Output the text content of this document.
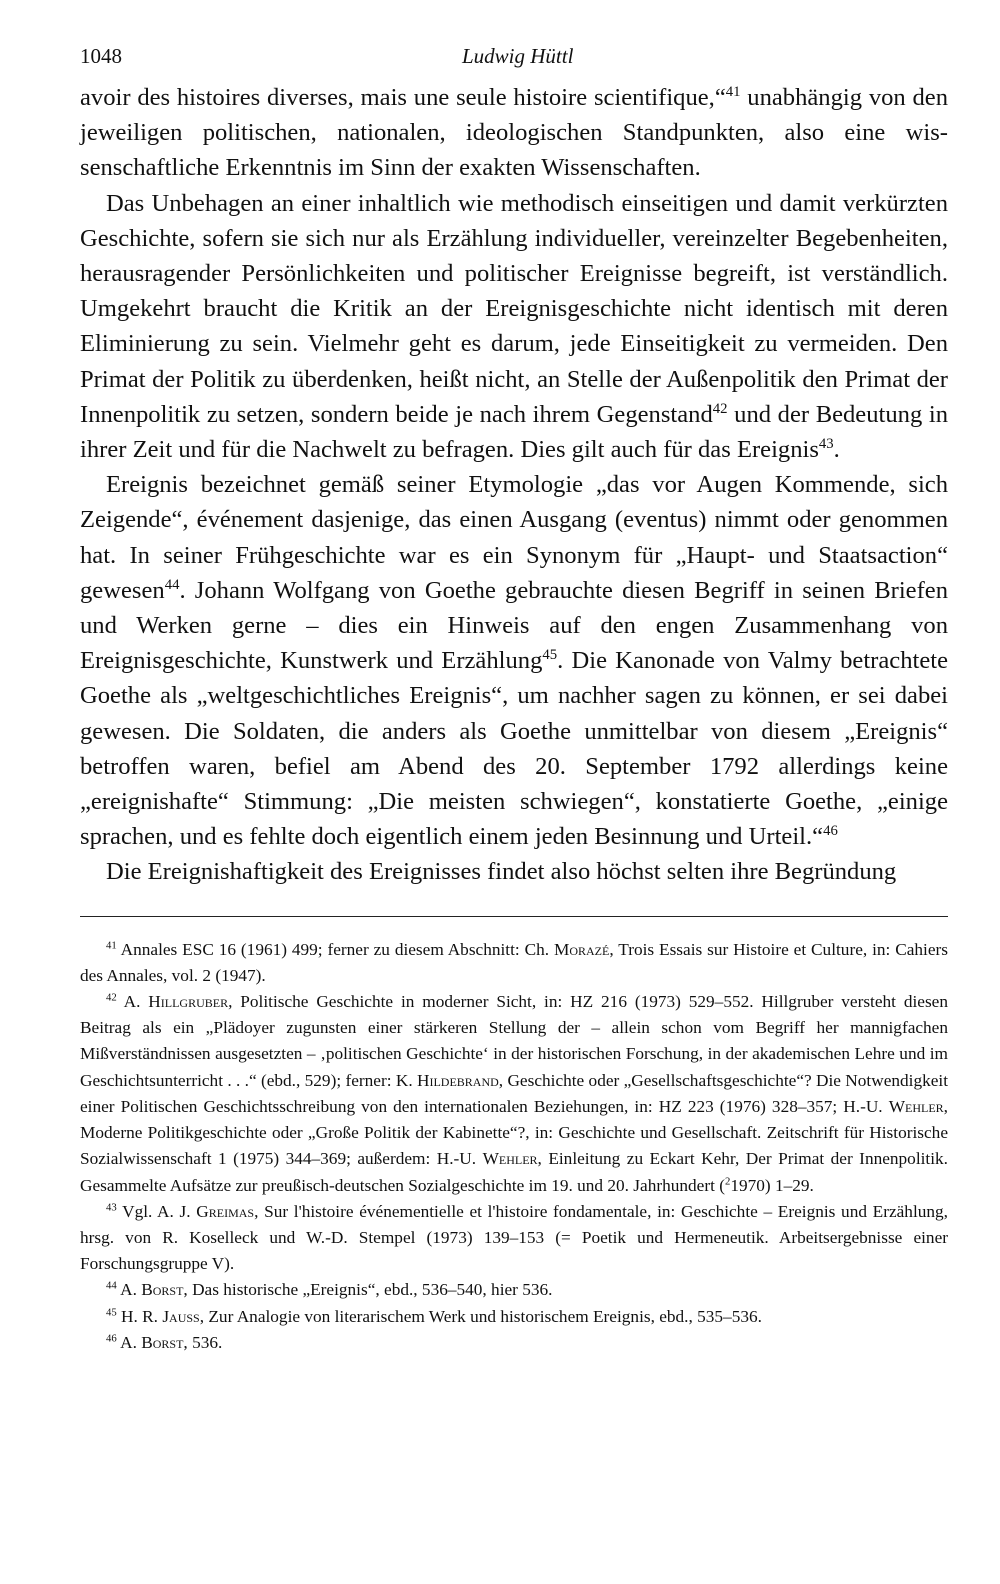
1048	Ludwig Hüttl

avoir des histoires diverses, mais une seule histoire scientifique,“$^{41}$ unabhängig von den jeweiligen politischen, nationalen, ideologischen Standpunkten, also eine wissenschaftliche Erkenntnis im Sinn der exakten Wissenschaften.

Das Unbehagen an einer inhaltlich wie methodisch einseitigen und damit verkürzten Geschichte, sofern sie sich nur als Erzählung individueller, vereinzelter Begebenheiten, herausragender Persönlichkeiten und politischer Ereignisse begreift, ist verständlich. Umgekehrt braucht die Kritik an der Ereignisgeschichte nicht identisch mit deren Eliminierung zu sein. Vielmehr geht es darum, jede Einseitigkeit zu vermeiden. Den Primat der Politik zu überdenken, heißt nicht, an Stelle der Außenpolitik den Primat der Innenpolitik zu setzen, sondern beide je nach ihrem Gegenstand$^{42}$ und der Bedeutung in ihrer Zeit und für die Nachwelt zu befragen. Dies gilt auch für das Ereignis$^{43}$.

Ereignis bezeichnet gemäß seiner Etymologie „das vor Augen Kommende, sich Zeigende“, événement dasjenige, das einen Ausgang (eventus) nimmt oder genommen hat. In seiner Frühgeschichte war es ein Synonym für „Haupt- und Staatsaction“ gewesen$^{44}$. Johann Wolfgang von Goethe gebrauchte diesen Begriff in seinen Briefen und Werken gerne – dies ein Hinweis auf den engen Zusammenhang von Ereignisgeschichte, Kunstwerk und Erzählung$^{45}$. Die Kanonade von Valmy betrachtete Goethe als „weltgeschichtliches Ereignis“, um nachher sagen zu können, er sei dabei gewesen. Die Soldaten, die anders als Goethe unmittelbar von diesem „Ereignis“ betroffen waren, befiel am Abend des 20. September 1792 allerdings keine „ereignishafte“ Stimmung: „Die meisten schwiegen“, konstatierte Goethe, „einige sprachen, und es fehlte doch eigentlich einem jeden Besinnung und Urteil.“$^{46}$

Die Ereignishaftigkeit des Ereignisses findet also höchst selten ihre Begründung

$^{41}$ Annales ESC 16 (1961) 499; ferner zu diesem Abschnitt: Ch. Morazé, Trois Essais sur Histoire et Culture, in: Cahiers des Annales, vol. 2 (1947).

$^{42}$ A. Hillgruber, Politische Geschichte in moderner Sicht, in: HZ 216 (1973) 529–552. Hillgruber versteht diesen Beitrag als ein „Plädoyer zugunsten einer stärkeren Stellung der – allein schon vom Begriff her mannigfachen Mißverständnissen ausgesetzten – ‚politischen Geschichte‘ in der historischen Forschung, in der akademischen Lehre und im Geschichtsunterricht . . .“ (ebd., 529); ferner: K. Hildebrand, Geschichte oder „Gesellschaftsgeschichte“? Die Notwendigkeit einer Politischen Geschichtsschreibung von den internationalen Beziehungen, in: HZ 223 (1976) 328–357; H.-U. Wehler, Moderne Politikgeschichte oder „Große Politik der Kabinette“?, in: Geschichte und Gesellschaft. Zeitschrift für Historische Sozialwissenschaft 1 (1975) 344–369; außerdem: H.-U. Wehler, Einleitung zu Eckart Kehr, Der Primat der Innenpolitik. Gesammelte Aufsätze zur preußisch-deutschen Sozialgeschichte im 19. und 20. Jahrhundert ($^2$1970) 1–29.

$^{43}$ Vgl. A. J. Greimas, Sur l'histoire événementielle et l'histoire fondamentale, in: Geschichte – Ereignis und Erzählung, hrsg. von R. Koselleck und W.-D. Stempel (1973) 139–153 (= Poetik und Hermeneutik. Arbeitsergebnisse einer Forschungsgruppe V).

$^{44}$ A. Borst, Das historische „Ereignis“, ebd., 536–540, hier 536.

$^{45}$ H. R. Jauss, Zur Analogie von literarischem Werk und historischem Ereignis, ebd., 535–536.

$^{46}$ A. Borst, 536.
